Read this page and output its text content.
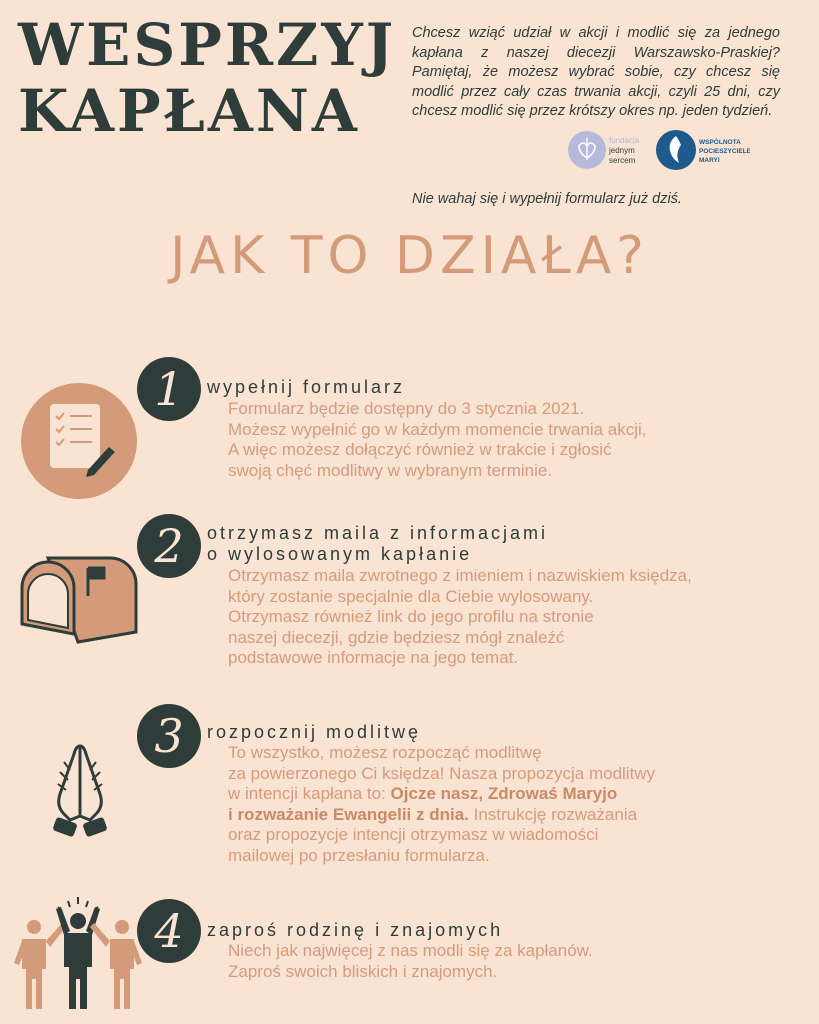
WESPRZYJ
KAPŁANA
Chcesz wziąć udział w akcji i modlić się za jednego kapłana z naszej diecezji Warszawsko-Praskiej? Pamiętaj, że możesz wybrać sobie, czy chcesz się modlić przez cały czas trwania akcji, czyli 25 dni, czy chcesz modlić się przez krótszy okres np. jeden tydzień.
fundacja
jednym
sercem
WSPÓLNOTA
POCIESZYCIELE
MARYI
Nie wahaj się i wypełnij formularz już dziś.
JAK TO DZIAŁA?
1	wypełnij formularz
Formularz będzie dostępny do 3 stycznia 2021.
Możesz wypełnić go w każdym momencie trwania akcji,
A więc możesz dołączyć również w trakcie i zgłosić
swoją chęć modlitwy w wybranym terminie.
2	otrzymasz maila z informacjami
o wylosowanym kapłanie
Otrzymasz maila zwrotnego z imieniem i nazwiskiem księdza,
który zostanie specjalnie dla Ciebie wylosowany.
Otrzymasz również link do jego profilu na stronie
naszej diecezji, gdzie będziesz mógł znaleźć
podstawowe informacje na jego temat.
3	rozpocznij modlitwę
To wszystko, możesz rozpocząć modlitwę
za powierzonego Ci księdza! Nasza propozycja modlitwy
w intencji kapłana to: Ojcze nasz, Zdrowaś Maryjo
i rozważanie Ewangelii z dnia. Instrukcję rozważania
oraz propozycje intencji otrzymasz w wiadomości
mailowej po przesłaniu formularza.
4	zaproś rodzinę i znajomych
Niech jak najwięcej z nas modli się za kapłanów.
Zaproś swoich bliskich i znajomych.
